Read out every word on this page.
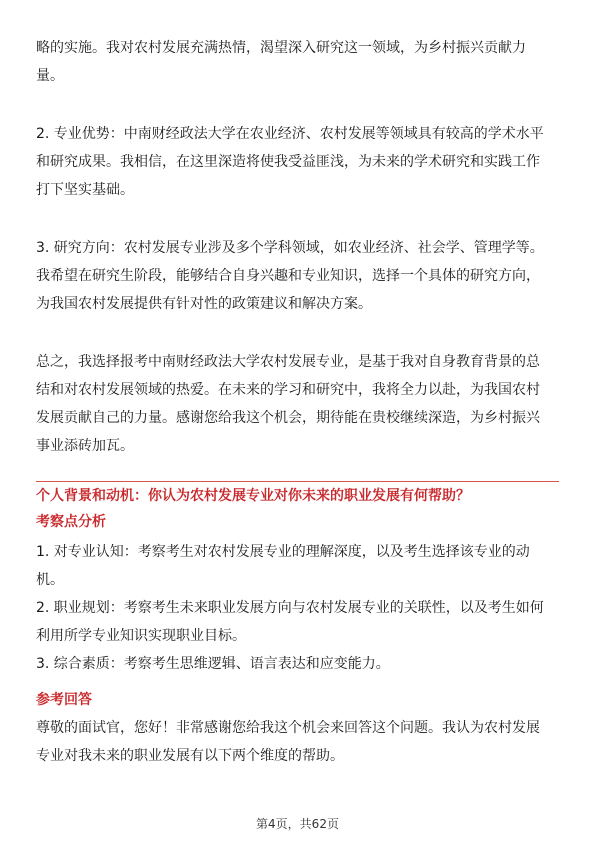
略的实施。我对农村发展充满热情，渴望深入研究这一领域，为乡村振兴贡献力
量。

2. 专业优势：中南财经政法大学在农业经济、农村发展等领域具有较高的学术水平
和研究成果。我相信，在这里深造将使我受益匪浅，为未来的学术研究和实践工作
打下坚实基础。

3. 研究方向：农村发展专业涉及多个学科领域，如农业经济、社会学、管理学等。
我希望在研究生阶段，能够结合自身兴趣和专业知识，选择一个具体的研究方向，
为我国农村发展提供有针对性的政策建议和解决方案。

总之，我选择报考中南财经政法大学农村发展专业，是基于我对自身教育背景的总
结和对农村发展领域的热爱。在未来的学习和研究中，我将全力以赴，为我国农村
发展贡献自己的力量。感谢您给我这个机会，期待能在贵校继续深造，为乡村振兴
事业添砖加瓦。

个人背景和动机：你认为农村发展专业对你未来的职业发展有何帮助？

考察点分析

1. 对专业认知：考察考生对农村发展专业的理解深度，以及考生选择该专业的动
机。

2. 职业规划：考察考生未来职业发展方向与农村发展专业的关联性，以及考生如何
利用所学专业知识实现职业目标。

3. 综合素质：考察考生思维逻辑、语言表达和应变能力。

参考回答

尊敬的面试官，您好！非常感谢您给我这个机会来回答这个问题。我认为农村发展
专业对我未来的职业发展有以下两个维度的帮助。

第4页，共62页
